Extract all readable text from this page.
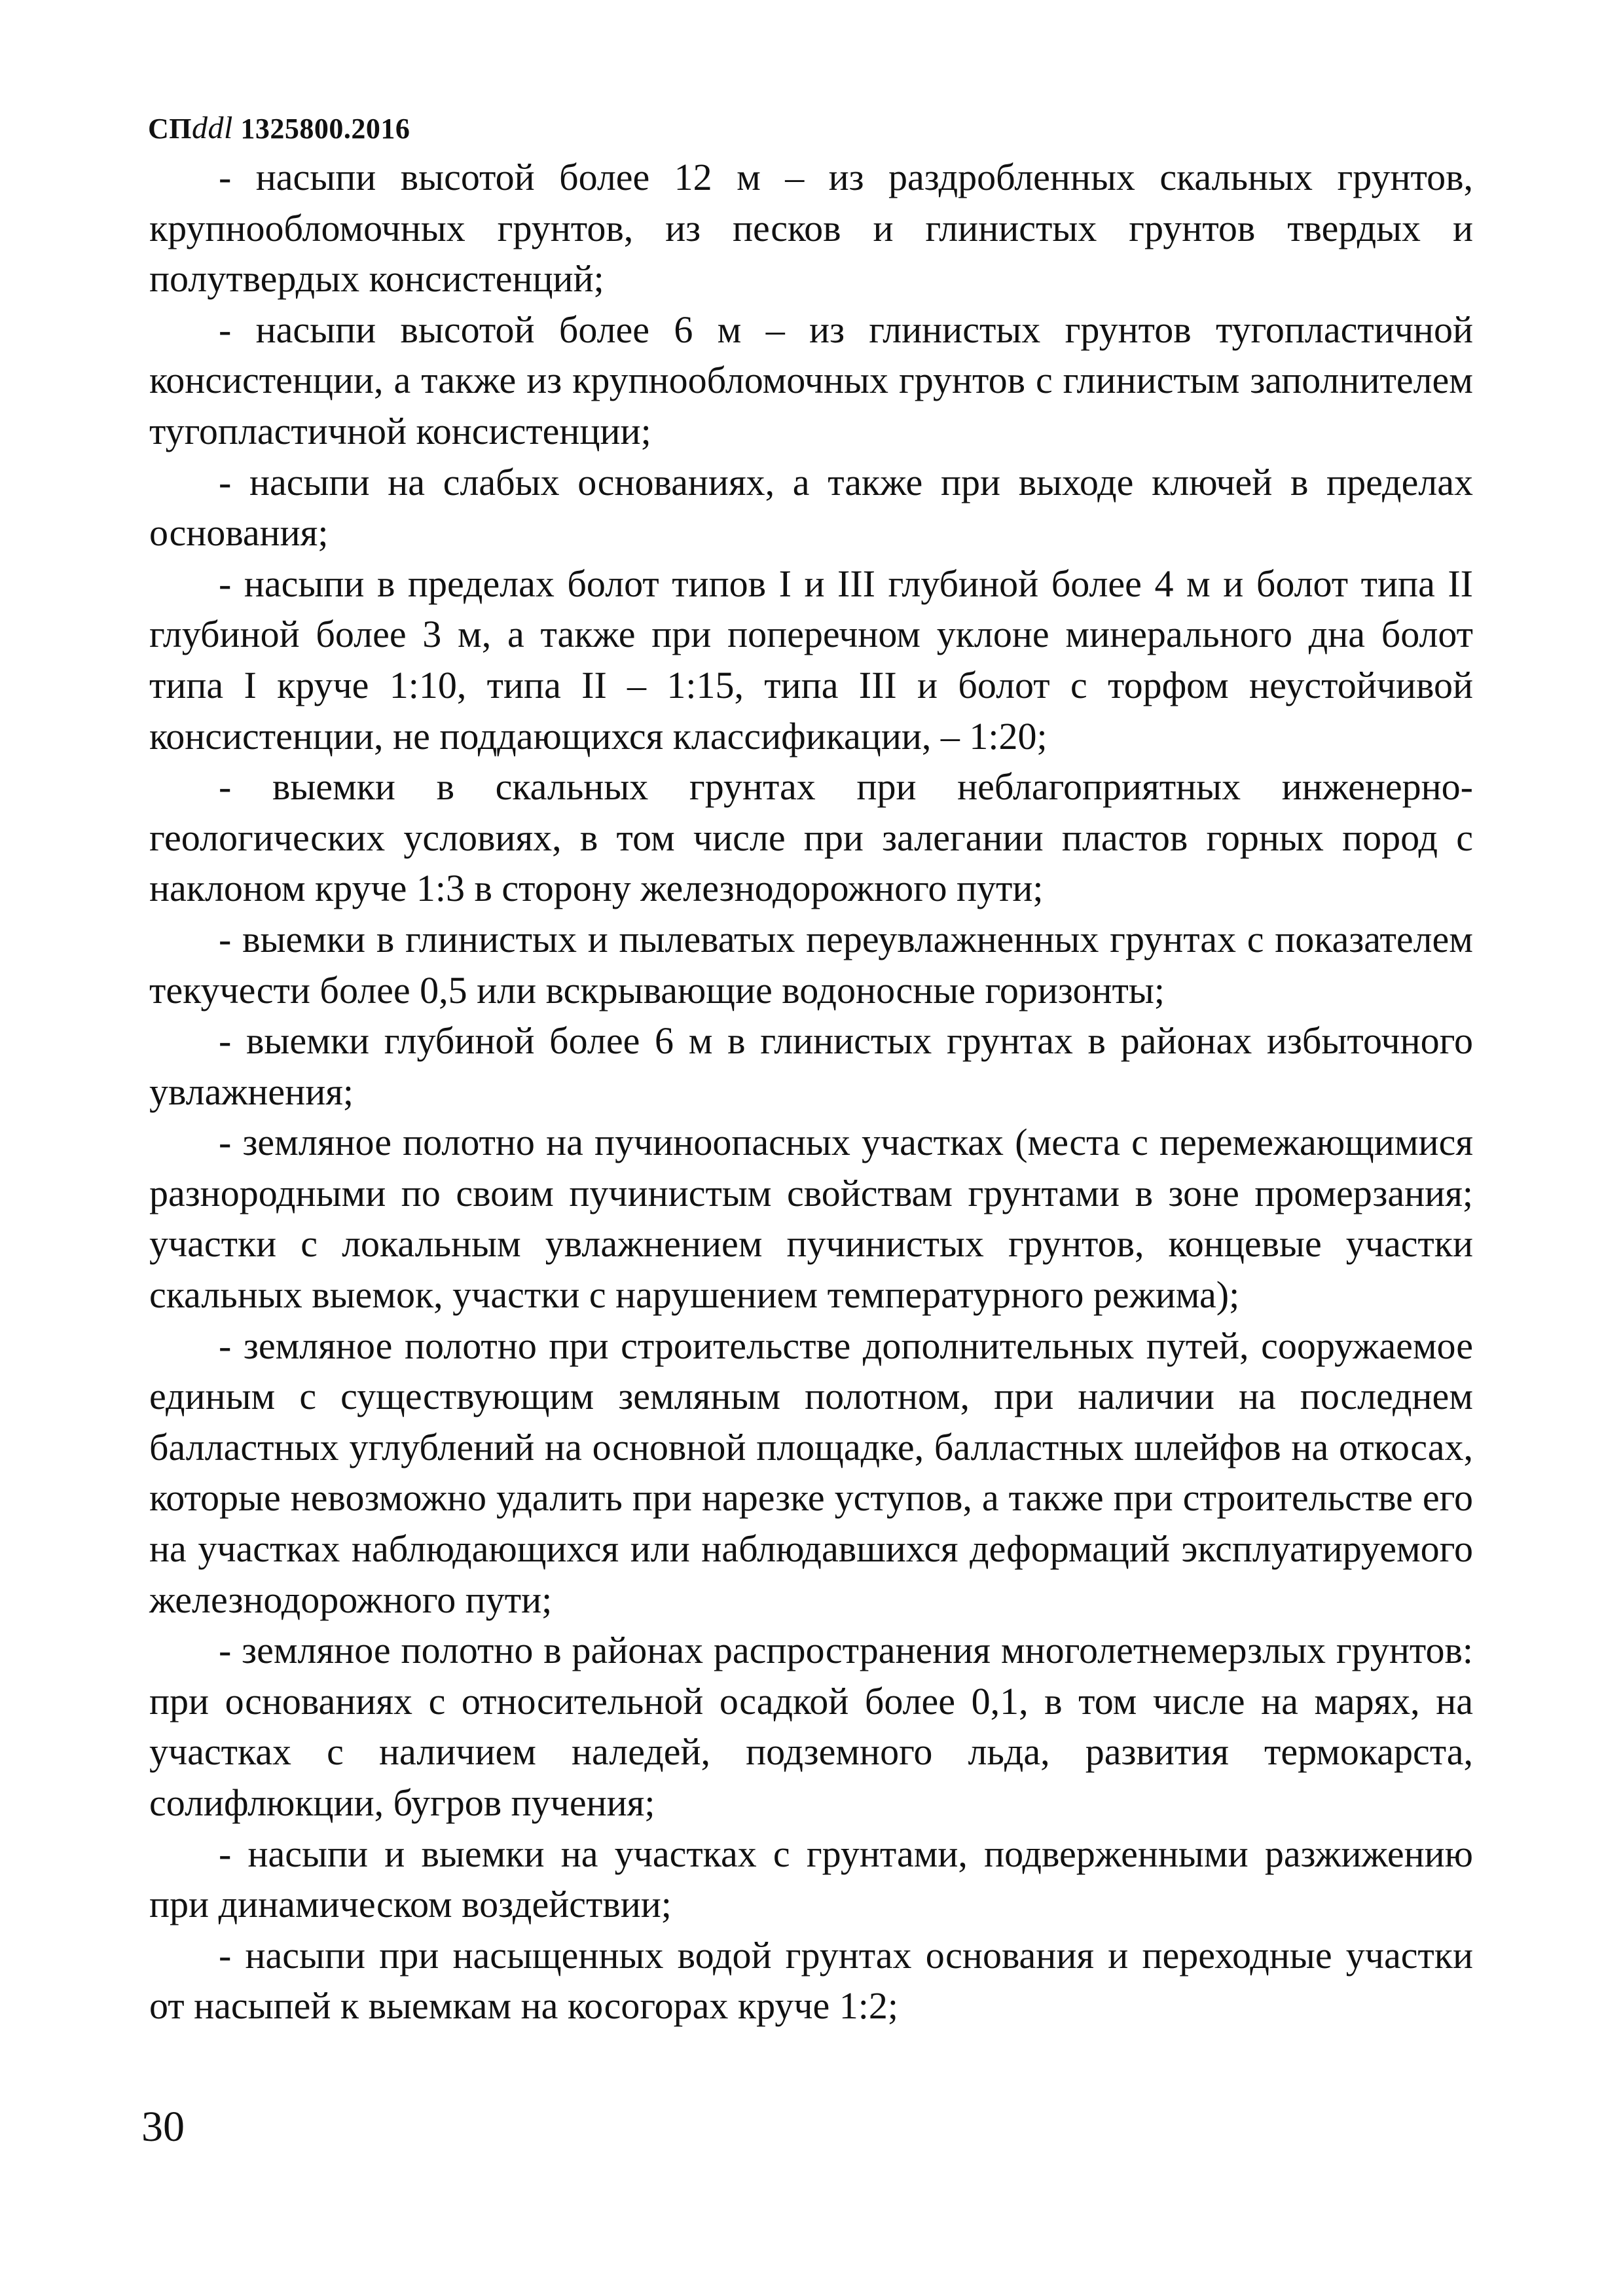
СПddl 1325800.2016

- насыпи высотой более 12 м – из раздробленных скальных грунтов, крупнообломочных грунтов, из песков и глинистых грунтов твердых и полутвердых консистенций;

- насыпи высотой более 6 м – из глинистых грунтов тугопластичной консистенции, а также из крупнообломочных грунтов с глинистым заполнителем тугопластичной консистенции;

- насыпи на слабых основаниях, а также при выходе ключей в пределах основания;

- насыпи в пределах болот типов I и III глубиной более 4 м и болот типа II глубиной более 3 м, а также при поперечном уклоне минерального дна болот типа I круче 1:10, типа II – 1:15, типа III и болот с торфом неустойчивой консистенции, не поддающихся классификации, – 1:20;

- выемки в скальных грунтах при неблагоприятных инженерно-геологических условиях, в том числе при залегании пластов горных пород с наклоном круче 1:3 в сторону железнодорожного пути;

- выемки в глинистых и пылеватых переувлажненных грунтах с показателем текучести более 0,5 или вскрывающие водоносные горизонты;

- выемки глубиной более 6 м в глинистых грунтах в районах избыточного увлажнения;

- земляное полотно на пучиноопасных участках (места с перемежающимися разнородными по своим пучинистым свойствам грунтами в зоне промерзания; участки с локальным увлажнением пучинистых грунтов, концевые участки скальных выемок, участки с нарушением температурного режима);

- земляное полотно при строительстве дополнительных путей, сооружаемое единым с существующим земляным полотном, при наличии на последнем балластных углублений на основной площадке, балластных шлейфов на откосах, которые невозможно удалить при нарезке уступов, а также при строительстве его на участках наблюдающихся или наблюдавшихся деформаций эксплуатируемого железнодорожного пути;

- земляное полотно в районах распространения многолетнемерзлых грунтов: при основаниях с относительной осадкой более 0,1, в том числе на марях, на участках с наличием наледей, подземного льда, развития термокарста, солифлюкции, бугров пучения;

- насыпи и выемки на участках с грунтами, подверженными разжижению при динамическом воздействии;

- насыпи при насыщенных водой грунтах основания и переходные участки от насыпей к выемкам на косогорах круче 1:2;

30
